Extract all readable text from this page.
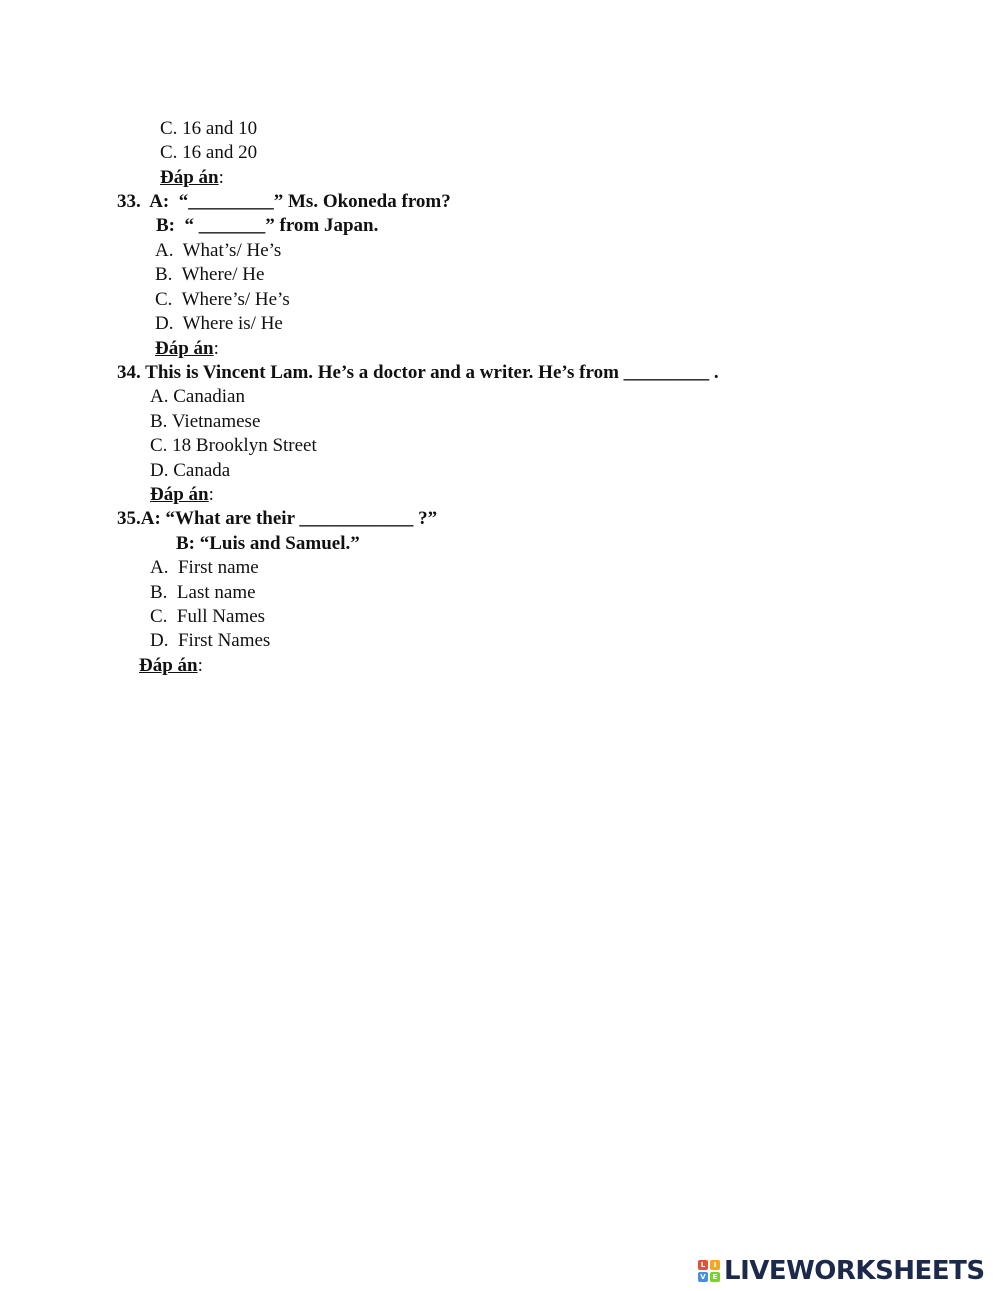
C. 16 and 10
C. 16 and 20
Đáp án:
33.  A:  “_________” Ms. Okoneda from?
B:  “ _______” from Japan.
A.  What’s/ He’s
B.  Where/ He
C.  Where’s/ He’s
D.  Where is/ He
Đáp án:
34. This is Vincent Lam. He’s a doctor and a writer. He’s from _________ .
A. Canadian
B. Vietnamese
C. 18 Brooklyn Street
D. Canada
Đáp án:
35.A: “What are their ____________ ?”
B: “Luis and Samuel.”
A.  First name
B.  Last name
C.  Full Names
D.  First Names
Đáp án:
L	I
V E LIVEWORKSHEETS
